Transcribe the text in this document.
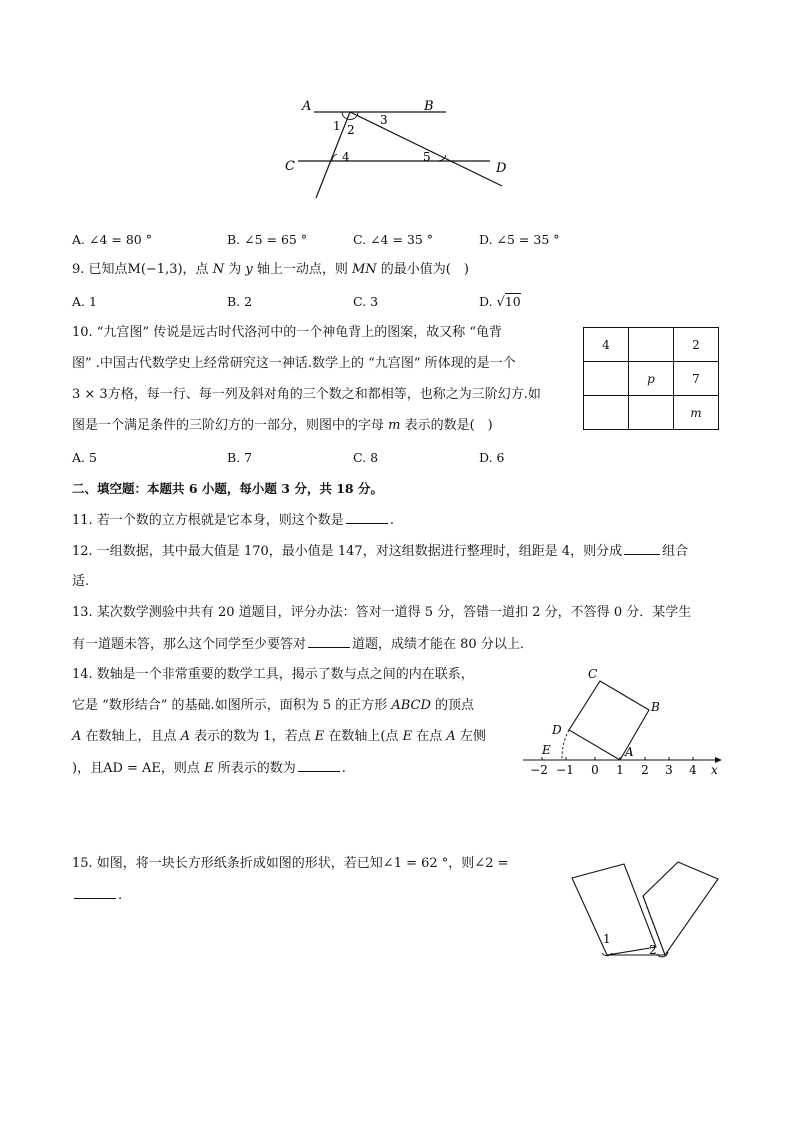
A	B
C	D
1 2
3
4	5
A. ∠4 = 80 °	B. ∠5 = 65 °	C. ∠4 = 35 °	D. ∠5 = 35 °
9. 已知点M(−1,3)，点 N 为 y 轴上一动点，则 MN 的最小值为(　)
A. 1	B. 2	C. 3	D. √10
10. “九宫图” 传说是远古时代洛河中的一个神龟背上的图案，故又称 “龟背
图” .中国古代数学史上经常研究这一神话.数学上的 “九宫图” 所体现的是一个
3 × 3方格，每一行、每一列及斜对角的三个数之和都相等，也称之为三阶幻方.如
图是一个满足条件的三阶幻方的一部分，则图中的字母 m 表示的数是(　)
4		2
	p	7
		m
A. 5	B. 7	C. 8	D. 6
二、填空题：本题共 6 小题，每小题 3 分，共 18 分。
11. 若一个数的立方根就是它本身，则这个数是	.
12. 一组数据，其中最大值是 170，最小值是 147，对这组数据进行整理时，组距是 4，则分成	组合
适.
13. 某次数学测验中共有 20 道题目，评分办法：答对一道得 5 分，答错一道扣 2 分，不答得 0 分．某学生
有一道题未答，那么这个同学至少要答对	道题，成绩才能在 80 分以上．
14. 数轴是一个非常重要的数学工具，揭示了数与点之间的内在联系，
它是 “数形结合” 的基础.如图所示，面积为 5 的正方形 ABCD 的顶点
A 在数轴上，且点 A 表示的数为 1，若点 E 在数轴上(点 E 在点 A 左侧
)，且AD = AE，则点 E 所表示的数为	.
C
B
D
A
E
x
−2 −1 0 1 2 3 4
15. 如图，将一块长方形纸条折成如图的形状，若已知∠1 = 62 °，则∠2 =
.
1
2
